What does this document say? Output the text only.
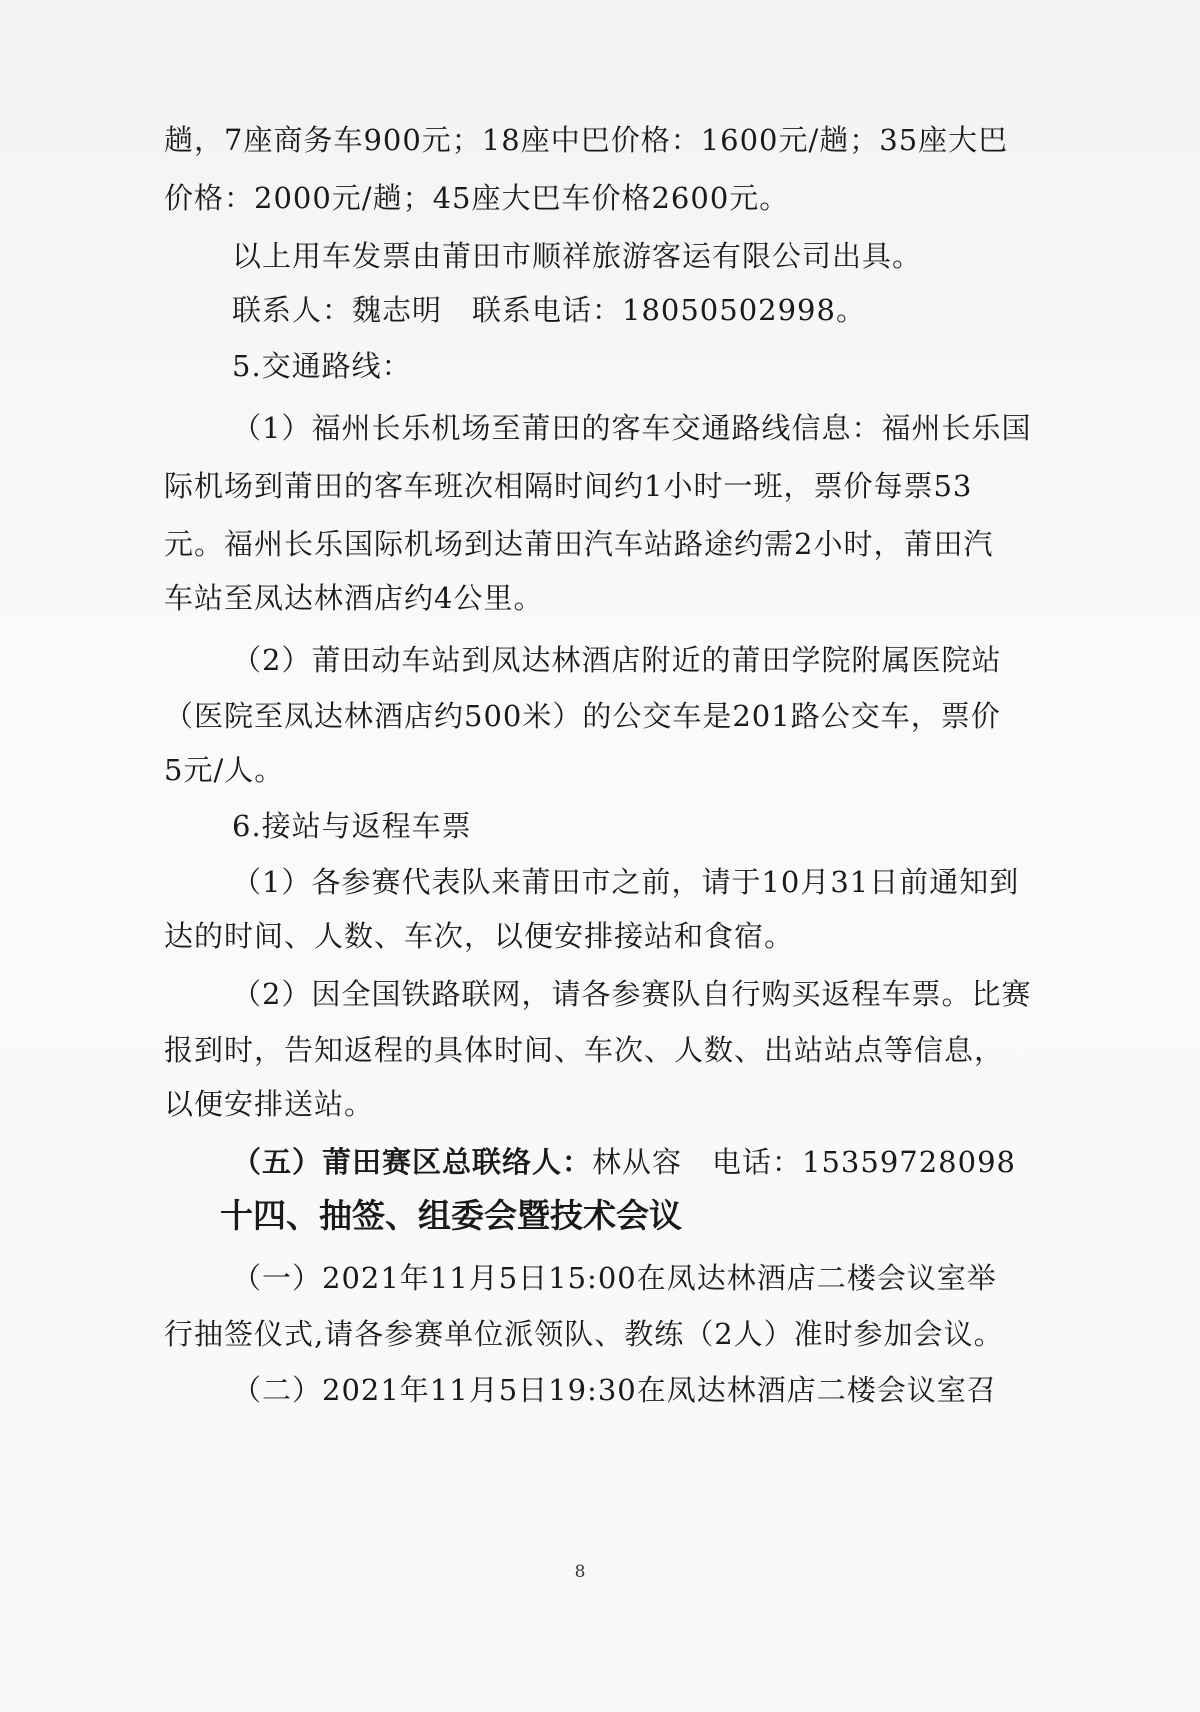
趟，7座商务车900元；18座中巴价格：1600元/趟；35座大巴
价格：2000元/趟；45座大巴车价格2600元。
以上用车发票由莆田市顺祥旅游客运有限公司出具。
联系人：魏志明　联系电话：18050502998。
5.交通路线：
（1）福州长乐机场至莆田的客车交通路线信息：福州长乐国
际机场到莆田的客车班次相隔时间约1小时一班，票价每票53
元。福州长乐国际机场到达莆田汽车站路途约需2小时，莆田汽
车站至凤达林酒店约4公里。
（2）莆田动车站到凤达林酒店附近的莆田学院附属医院站
（医院至凤达林酒店约500米）的公交车是201路公交车，票价
5元/人。
6.接站与返程车票
（1）各参赛代表队来莆田市之前，请于10月31日前通知到
达的时间、人数、车次，以便安排接站和食宿。
（2）因全国铁路联网，请各参赛队自行购买返程车票。比赛
报到时，告知返程的具体时间、车次、人数、出站站点等信息，
以便安排送站。
（五）莆田赛区总联络人：林从容　电话：15359728098
十四、抽签、组委会暨技术会议
（一）2021年11月5日15:00在凤达林酒店二楼会议室举
行抽签仪式,请各参赛单位派领队、教练（2人）准时参加会议。
（二）2021年11月5日19:30在凤达林酒店二楼会议室召
8
